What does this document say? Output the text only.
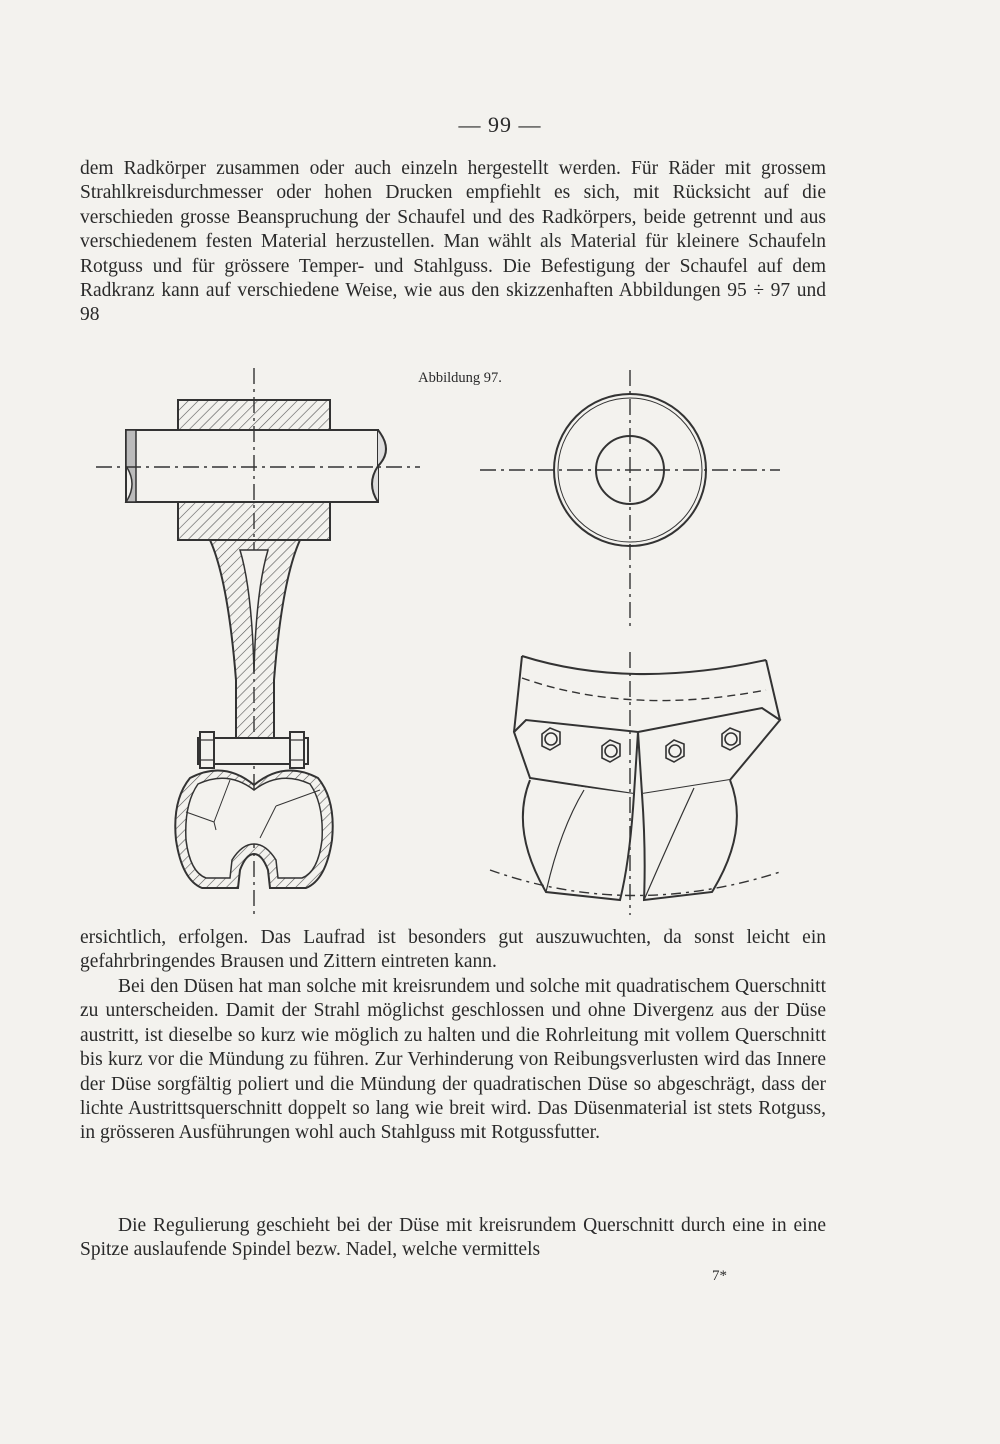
— 99 —

dem Radkörper zusammen oder auch einzeln hergestellt werden. Für Räder mit grossem Strahlkreisdurchmesser oder hohen Drucken empfiehlt es sich, mit Rücksicht auf die verschieden grosse Beanspruchung der Schaufel und des Radkörpers, beide getrennt und aus verschiedenem festen Material herzustellen. Man wählt als Material für kleinere Schaufeln Rotguss und für grössere Temper- und Stahlguss. Die Befestigung der Schaufel auf dem Radkranz kann auf verschiedene Weise, wie aus den skizzenhaften Abbildungen 95 ÷ 97 und 98

Abbildung 97.

ersichtlich, erfolgen. Das Laufrad ist besonders gut auszuwuchten, da sonst leicht ein gefahrbringendes Brausen und Zittern eintreten kann.

Bei den Düsen hat man solche mit kreisrundem und solche mit quadratischem Querschnitt zu unterscheiden. Damit der Strahl möglichst geschlossen und ohne Divergenz aus der Düse austritt, ist dieselbe so kurz wie möglich zu halten und die Rohrleitung mit vollem Querschnitt bis kurz vor die Mündung zu führen. Zur Verhinderung von Reibungsverlusten wird das Innere der Düse sorgfältig poliert und die Mündung der quadratischen Düse so abgeschrägt, dass der lichte Austrittsquerschnitt doppelt so lang wie breit wird. Das Düsenmaterial ist stets Rotguss, in grösseren Ausführungen wohl auch Stahlguss mit Rotgussfutter.

Die Regulierung geschieht bei der Düse mit kreisrundem Querschnitt durch eine in eine Spitze auslaufende Spindel bezw. Nadel, welche vermittels

7*
